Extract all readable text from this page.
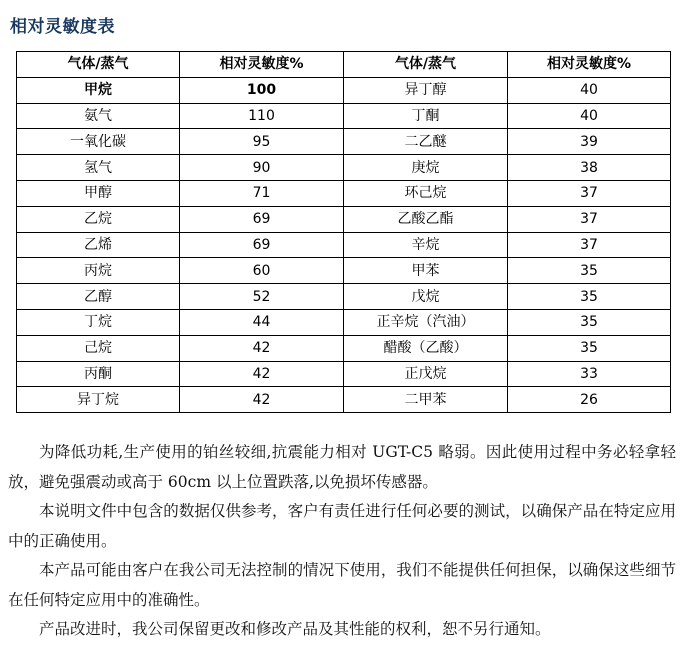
相对灵敏度表
气体/蒸气	相对灵敏度%	气体/蒸气	相对灵敏度%
甲烷	100	异丁醇	40
氨气	110	丁酮	40
一氧化碳	95	二乙醚	39
氢气	90	庚烷	38
甲醇	71	环己烷	37
乙烷	69	乙酸乙酯	37
乙烯	69	辛烷	37
丙烷	60	甲苯	35
乙醇	52	戊烷	35
丁烷	44	正辛烷（汽油）	35
己烷	42	醋酸（乙酸）	35
丙酮	42	正戊烷	33
异丁烷	42	二甲苯	26

为降低功耗,生产使用的铂丝较细,抗震能力相对 UGT-C5 略弱。因此使用过程中务必轻拿轻放，避免强震动或高于 60cm 以上位置跌落,以免损坏传感器。

本说明文件中包含的数据仅供参考，客户有责任进行任何必要的测试，以确保产品在特定应用中的正确使用。

本产品可能由客户在我公司无法控制的情况下使用，我们不能提供任何担保，以确保这些细节在任何特定应用中的准确性。

产品改进时，我公司保留更改和修改产品及其性能的权利，恕不另行通知。
